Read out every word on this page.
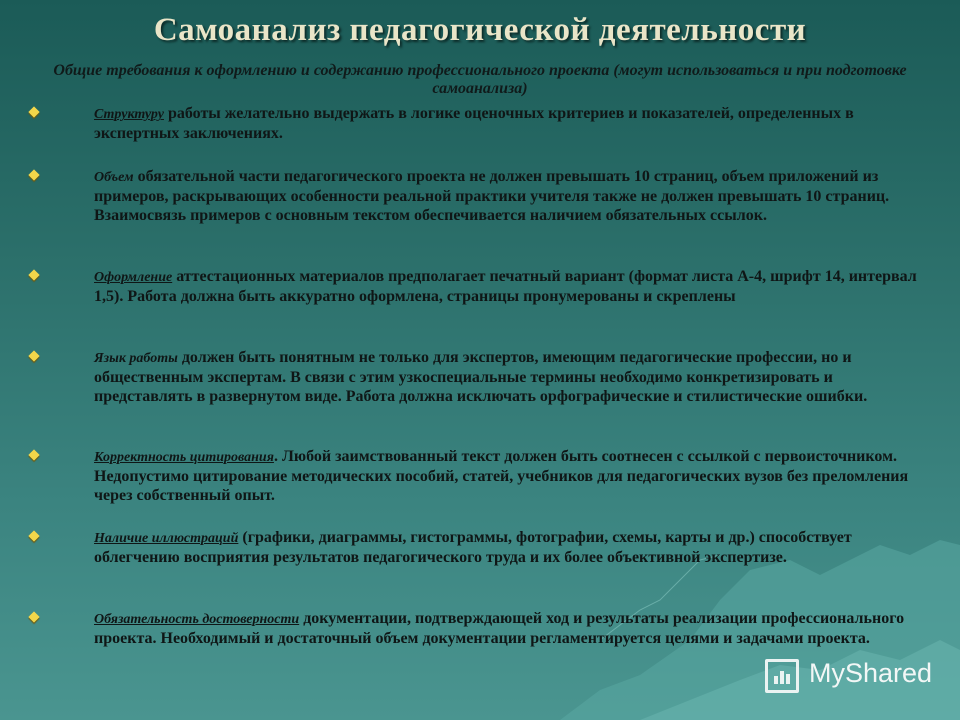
Самоанализ педагогической деятельности
Общие требования к оформлению и содержанию профессионального проекта (могут использоваться и при подготовке самоанализа)
Структуру работы желательно выдержать в логике оценочных критериев и показателей, определенных в экспертных заключениях.
Объем обязательной части педагогического проекта не должен превышать 10 страниц, объем приложений из примеров, раскрывающих особенности реальной практики учителя также не должен превышать 10 страниц. Взаимосвязь примеров с основным текстом обеспечивается наличием обязательных ссылок.
Оформление аттестационных материалов предполагает печатный вариант (формат листа А-4, шрифт 14, интервал 1,5). Работа должна быть аккуратно оформлена, страницы пронумерованы и скреплены
Язык работы должен быть понятным не только для экспертов, имеющим педагогические профессии, но и общественным экспертам. В связи с этим узкоспециальные термины необходимо конкретизировать и представлять в развернутом виде. Работа должна исключать орфографические и стилистические ошибки.
Корректность цитирования. Любой заимствованный текст должен быть соотнесен с ссылкой с первоисточником. Недопустимо цитирование методических пособий, статей, учебников для педагогических вузов без преломления через собственный опыт.
Наличие иллюстраций (графики, диаграммы, гистограммы, фотографии, схемы, карты и др.) способствует облегчению восприятия результатов педагогического труда и их более объективной экспертизе.
Обязательность достоверности документации, подтверждающей ход и результаты реализации профессионального проекта. Необходимый и достаточный объем документации регламентируется целями и задачами проекта.
MyShared
